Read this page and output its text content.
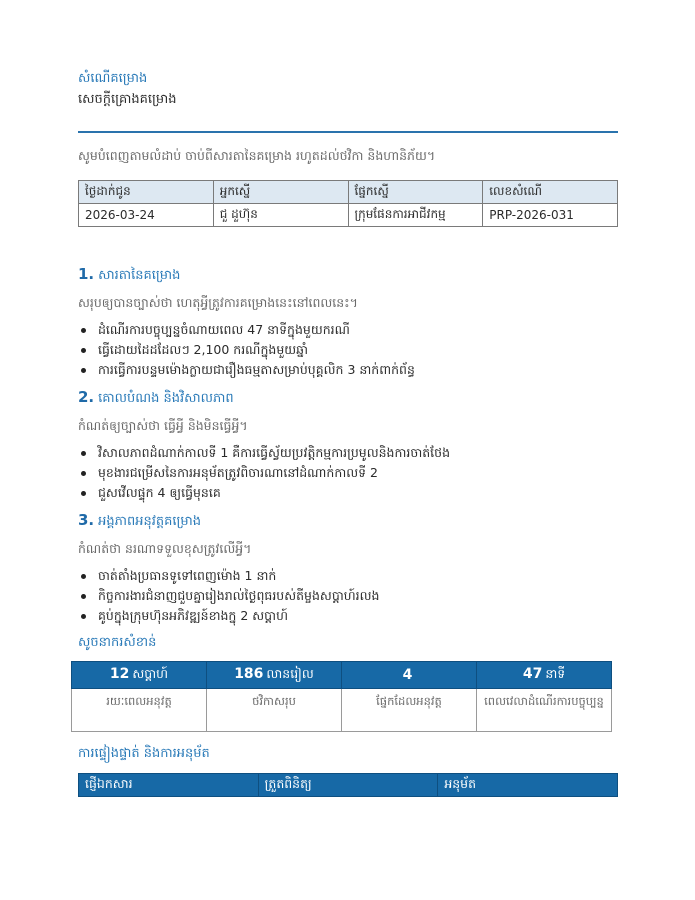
សំណើគម្រោង
សេចក្តីគ្រោងគម្រោង
សូមបំពេញតាមលំដាប់ ចាប់ពីសារតានៃគម្រោង រហូតដល់ថវិកា និងហានិភ័យ។
ថ្ងៃដាក់ជូន	អ្នកស្នើ	ផ្នែកស្នើ	លេខសំណើ
2026-03-24	ជួ ដួហ៊ុន	ក្រុមផែនការអាជីវកម្ម	PRP-2026-031
1. សារតានៃគម្រោង
សរុបឲ្យបានច្បាស់ថា ហេតុអ្វីត្រូវការគម្រោងនេះនៅពេលនេះ។
ដំណើរការបច្ចុប្បន្នចំណាយពេល 47 នាទីក្នុងមួយករណី
ធ្វើដោយដៃដដែលៗ 2,100 ករណីក្នុងមួយឆ្នាំ
ការធ្វើការបន្ទមម៉ោងក្លាយជារឿងធម្មតាសម្រាប់បុគ្គលិក 3 នាក់ពាក់ព័ន្ធ
2. គោលបំណង និងវិសាលភាព
កំណត់ឲ្យច្បាស់ថា ធ្វើអ្វី និងមិនធ្វើអ្វី។
វិសាលភាពដំណាក់កាលទី 1 គឺការធ្វើស្វ័យប្រវត្តិកម្មការប្រមូលនិងការចាត់ថែង
មុខងារជម្រើសនៃការអនុម័តត្រូវពិចារណានៅដំណាក់កាលទី 2
ជួសវើលផ្ទុក 4 ឲ្យធ្វើមុនគេ
3. អង្គភាពអនុវត្តគម្រោង
កំណត់ថា នរណាទទួលខុសត្រូវលើអ្វី។
ចាត់តាំងប្រធានទូទៅពេញម៉ោង 1 នាក់
កិច្ចការងារជំនាញជួបគ្នារៀងរាល់ថ្ងៃពុធរបស់តីម្ចងសប្តាហ៍រលង
គូប់ក្នុងក្រុមហ៊ុនអភិវឌ្ឍន៍ខាងក្នុ 2 សប្តាហ៍
សូចនាករសំខាន់
12 សប្តាហ៍	186 លានរៀល	4	47 នាទី
រយៈពេលអនុវត្ត	ថវិកាសរុប	ផ្នែកដែលអនុវត្ត	ពេលវេលាដំណើរការបច្ចុប្បន្ន
ការផ្ទៀងផ្ទាត់ និងការអនុម័ត
ផ្ញើឯកសារ	ត្រួតពិនិត្យ	អនុម័ត
